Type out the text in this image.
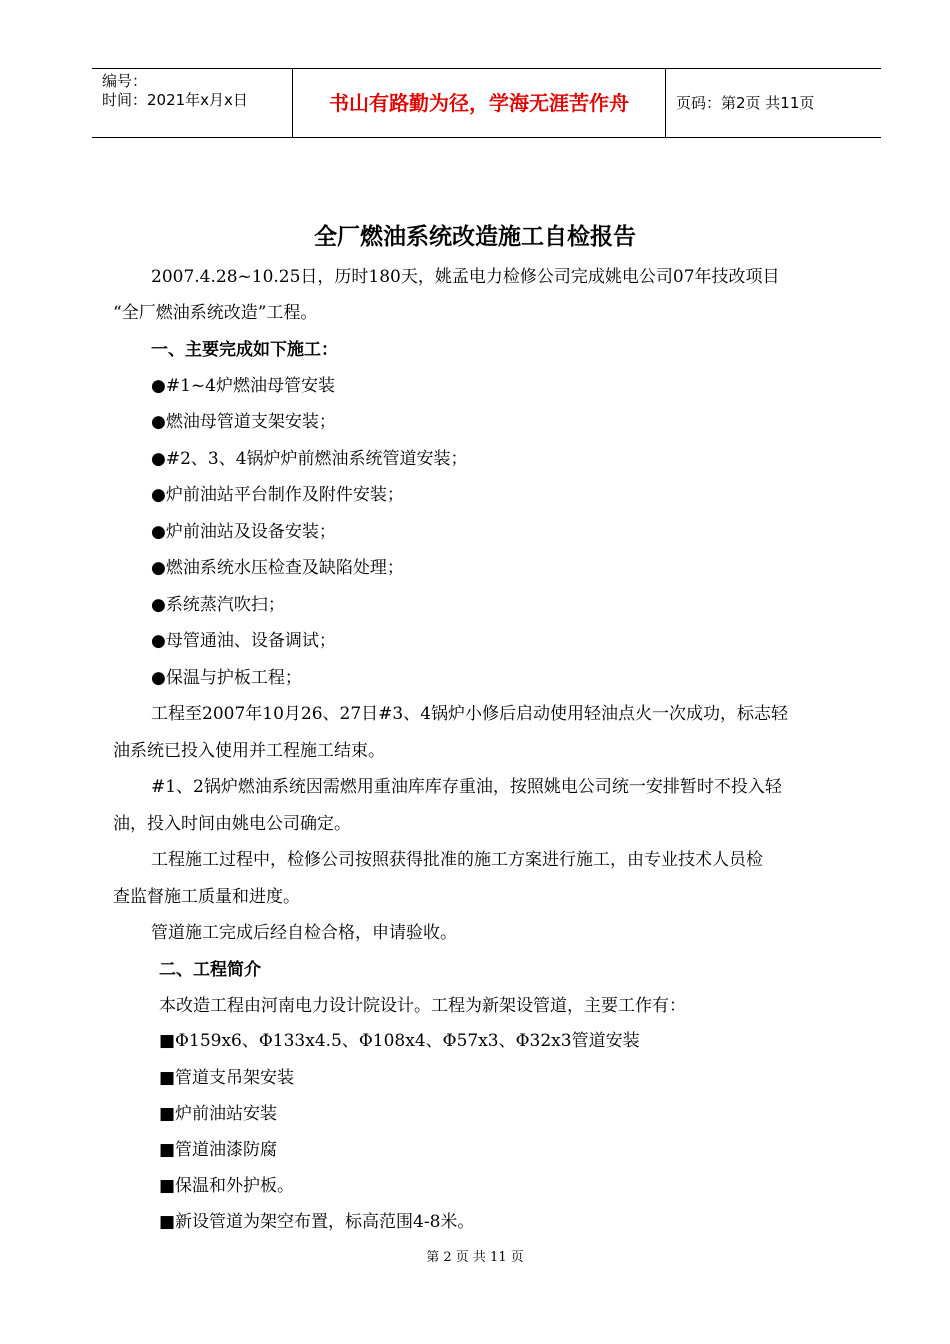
编号：
时间：2021年x月x日	书山有路勤为径，学海无涯苦作舟	页码：第2页 共11页
全厂燃油系统改造施工自检报告
2007.4.28~10.25日，历时180天，姚孟电力检修公司完成姚电公司07年技改项目
“全厂燃油系统改造”工程。
一、主要完成如下施工：
●#1~4炉燃油母管安装
●燃油母管道支架安装；
●#2、3、4锅炉炉前燃油系统管道安装；
●炉前油站平台制作及附件安装；
●炉前油站及设备安装；
●燃油系统水压检查及缺陷处理；
●系统蒸汽吹扫；
●母管通油、设备调试；
●保温与护板工程；
工程至2007年10月26、27日#3、4锅炉小修后启动使用轻油点火一次成功，标志轻
油系统已投入使用并工程施工结束。
#1、2锅炉燃油系统因需燃用重油库库存重油，按照姚电公司统一安排暂时不投入轻
油，投入时间由姚电公司确定。
工程施工过程中，检修公司按照获得批准的施工方案进行施工，由专业技术人员检
查监督施工质量和进度。
管道施工完成后经自检合格，申请验收。
二、工程简介
本改造工程由河南电力设计院设计。工程为新架设管道，主要工作有：
■Φ159x6、Φ133x4.5、Φ108x4、Φ57x3、Φ32x3管道安装
■管道支吊架安装
■炉前油站安装
■管道油漆防腐
■保温和外护板。
■新设管道为架空布置，标高范围4-8米。
第 2 页 共 11 页
